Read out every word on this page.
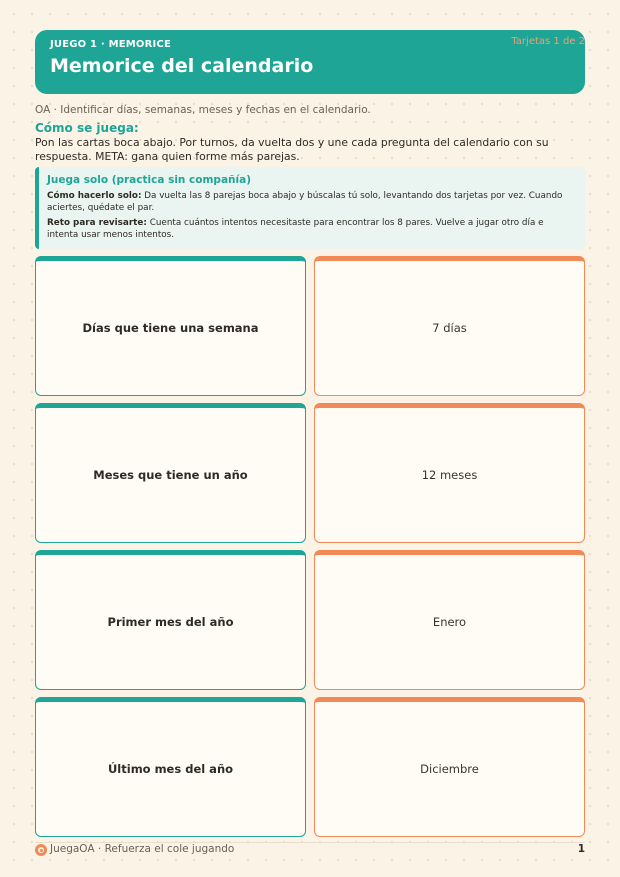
JUEGO 1 · MEMORICE
Memorice del calendario
Tarjetas 1 de 2
OA · Identificar días, semanas, meses y fechas en el calendario.
Cómo se juega:
Pon las cartas boca abajo. Por turnos, da vuelta dos y une cada pregunta del calendario con su respuesta. META: gana quien forme más parejas.
Juega solo (practica sin compañía)
Cómo hacerlo solo: Da vuelta las 8 parejas boca abajo y búscalas tú solo, levantando dos tarjetas por vez. Cuando aciertes, quédate el par.
Reto para revisarte: Cuenta cuántos intentos necesitaste para encontrar los 8 pares. Vuelve a jugar otro día e intenta usar menos intentos.
Días que tiene una semana	7 días
Meses que tiene un año	12 meses
Primer mes del año	Enero
Último mes del año	Diciembre
JuegaOA · Refuerza el cole jugando	1
